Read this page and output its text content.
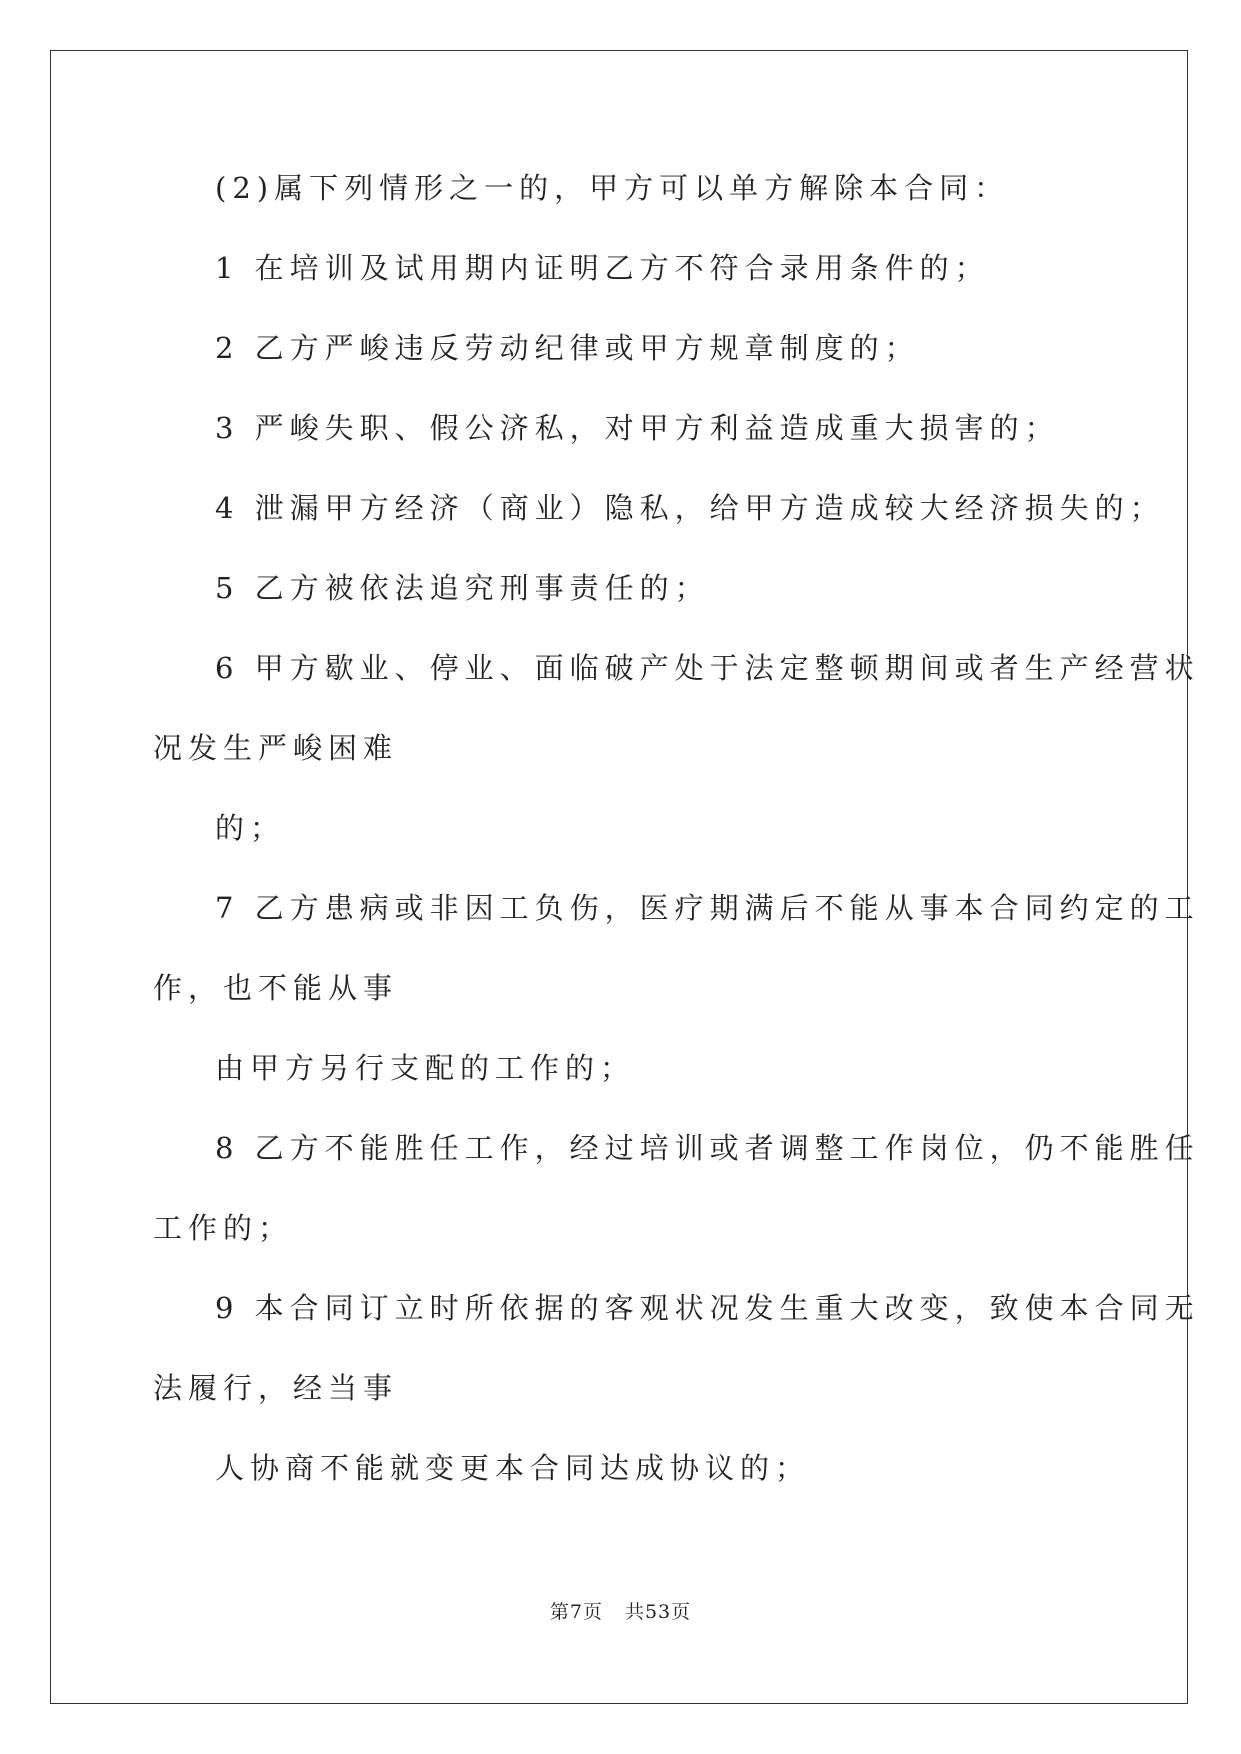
(2)属下列情形之一的，甲方可以单方解除本合同：
1 在培训及试用期内证明乙方不符合录用条件的；
2 乙方严峻违反劳动纪律或甲方规章制度的；
3 严峻失职、假公济私，对甲方利益造成重大损害的；
4 泄漏甲方经济（商业）隐私，给甲方造成较大经济损失的；
5 乙方被依法追究刑事责任的；
6 甲方歇业、停业、面临破产处于法定整顿期间或者生产经营状
况发生严峻困难
的；
7 乙方患病或非因工负伤，医疗期满后不能从事本合同约定的工
作，也不能从事
由甲方另行支配的工作的；
8 乙方不能胜任工作，经过培训或者调整工作岗位，仍不能胜任
工作的；
9 本合同订立时所依据的客观状况发生重大改变，致使本合同无
法履行，经当事
人协商不能就变更本合同达成协议的；
第7页 共53页
